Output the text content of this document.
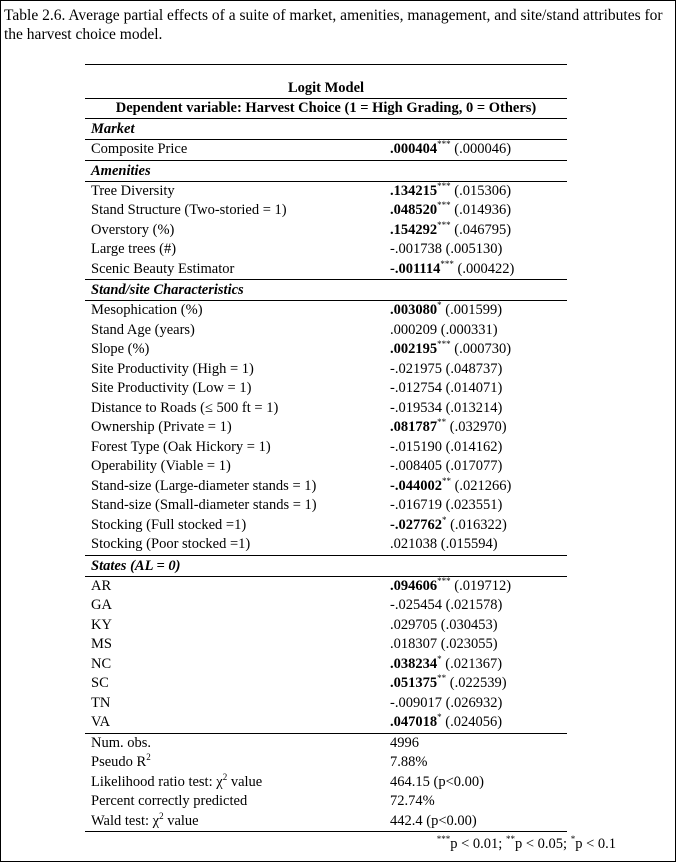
Table 2.6. Average partial effects of a suite of market, amenities, management, and site/stand attributes for the harvest choice model.
Logit Model
Dependent variable: Harvest Choice (1 = High Grading, 0 = Others)
Market
Composite Price	.000404*** (.000046)
Amenities
Tree Diversity	.134215*** (.015306)
Stand Structure (Two-storied = 1)	.048520*** (.014936)
Overstory (%)	.154292*** (.046795)
Large trees (#)	-.001738 (.005130)
Scenic Beauty Estimator	-.001114*** (.000422)
Stand/site Characteristics
Mesophication (%)	.003080* (.001599)
Stand Age (years)	.000209 (.000331)
Slope (%)	.002195*** (.000730)
Site Productivity (High = 1)	-.021975 (.048737)
Site Productivity (Low = 1)	-.012754 (.014071)
Distance to Roads (≤ 500 ft = 1)	-.019534 (.013214)
Ownership (Private = 1)	.081787** (.032970)
Forest Type (Oak Hickory = 1)	-.015190 (.014162)
Operability (Viable = 1)	-.008405 (.017077)
Stand-size (Large-diameter stands = 1)	-.044002** (.021266)
Stand-size (Small-diameter stands = 1)	-.016719 (.023551)
Stocking (Full stocked =1)	-.027762* (.016322)
Stocking (Poor stocked =1)	.021038 (.015594)
States (AL = 0)
AR	.094606*** (.019712)
GA	-.025454 (.021578)
KY	.029705 (.030453)
MS	.018307 (.023055)
NC	.038234* (.021367)
SC	.051375** (.022539)
TN	-.009017 (.026932)
VA	.047018* (.024056)
Num. obs.	4996
Pseudo $R^2$	7.88%
Likelihood ratio test: $\chi^2$ value	464.15 (p<0.00)
Percent correctly predicted	72.74%
Wald test: $\chi^2$ value	442.4 (p<0.00)
***p < 0.01; **p < 0.05; *p < 0.1
